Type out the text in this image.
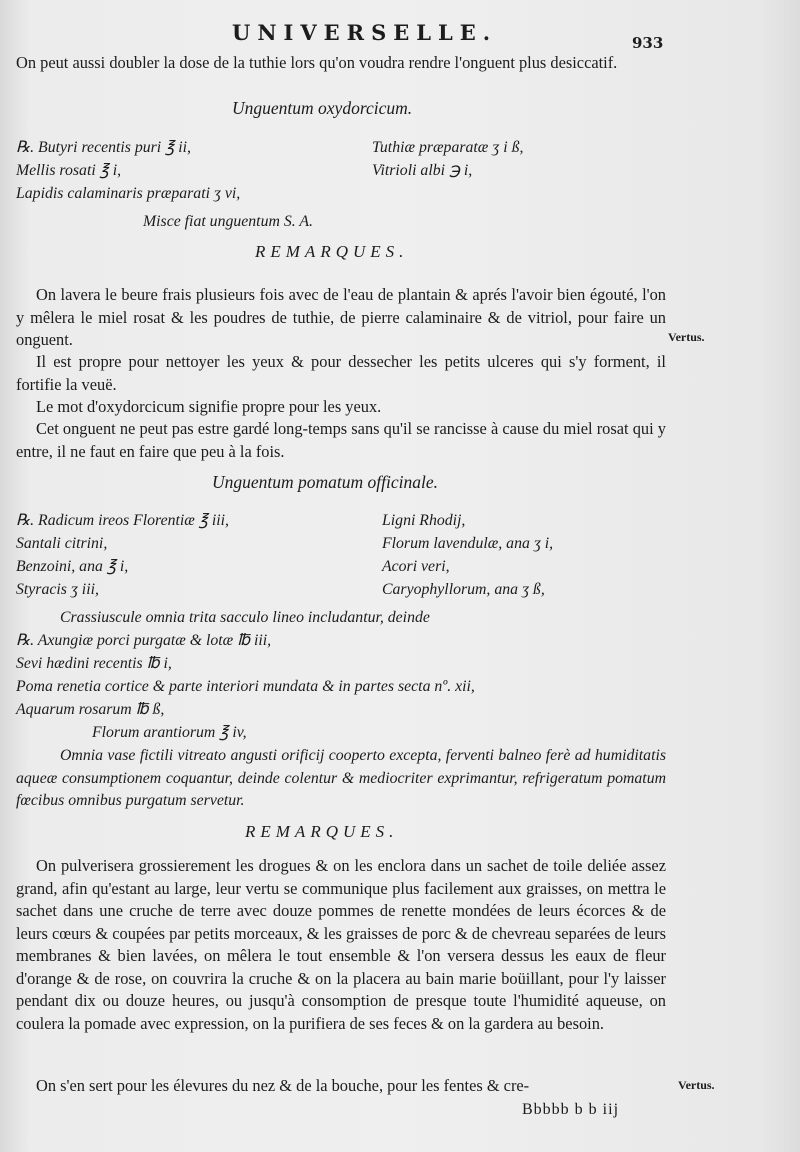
UNIVERSELLE.	933
On peut aussi doubler la dose de la tuthie lors qu'on voudra rendre l'onguent plus desiccatif.
Unguentum oxydorcicum.
℞. Butyri recentis puri ℥ ii,
Mellis rosati ℥ i,
Lapidis calaminaris præparati ʒ vi,
Tuthiæ præparatæ ʒ i ß,
Vitrioli albi ℈ i,
Misce fiat unguentum S. A.
REMARQUES.
On lavera le beure frais plusieurs fois avec de l'eau de plantain & aprés l'avoir bien égouté, l'on y mêlera le miel rosat & les poudres de tuthie, de pierre calaminaire & de vitriol, pour faire un onguent.
Il est propre pour nettoyer les yeux & pour dessecher les petits ulceres qui s'y forment, il fortifie la veuë.
Le mot d'oxydorcicum signifie propre pour les yeux.
Cet onguent ne peut pas estre gardé long-temps sans qu'il se rancisse à cause du miel rosat qui y entre, il ne faut en faire que peu à la fois.
Vertus.
Unguentum pomatum officinale.
℞. Radicum ireos Florentiæ ℥ iii,
Santali citrini,
Benzoini, ana ℥ i,
Styracis ʒ iii,
Ligni Rhodij,
Florum lavendulæ, ana ʒ i,
Acori veri,
Caryophyllorum, ana ʒ ß,
Crassiuscule omnia trita sacculo lineo includantur, deinde
℞. Axungiæ porci purgatæ & lotæ ℔ iii,
Sevi hædini recentis ℔ i,
Poma renetia cortice & parte interiori mundata & in partes secta nº. xii,
Aquarum rosarum ℔ ß,
Florum arantiorum ℥ iv,
Omnia vase fictili vitreato angusti orificij cooperto excepta, ferventi balneo ferè ad humiditatis aqueæ consumptionem coquantur, deinde colentur & mediocriter exprimantur, refrigeratum pomatum fœcibus omnibus purgatum servetur.
REMARQUES.
On pulverisera grossierement les drogues & on les enclora dans un sachet de toile deliée assez grand, afin qu'estant au large, leur vertu se communique plus facilement aux graisses, on mettra le sachet dans une cruche de terre avec douze pommes de renette mondées de leurs écorces & de leurs cœurs & coupées par petits morceaux, & les graisses de porc & de chevreau separées de leurs membranes & bien lavées, on mêlera le tout ensemble & l'on versera dessus les eaux de fleur d'orange & de rose, on couvrira la cruche & on la placera au bain marie boüillant, pour l'y laisser pendant dix ou douze heures, ou jusqu'à consomption de presque toute l'humidité aqueuse, on coulera la pomade avec expression, on la purifiera de ses feces & on la gardera au besoin.
On s'en sert pour les élevures du nez & de la bouche, pour les fentes & cre-	Vertus.
Bbbbb b b iij
